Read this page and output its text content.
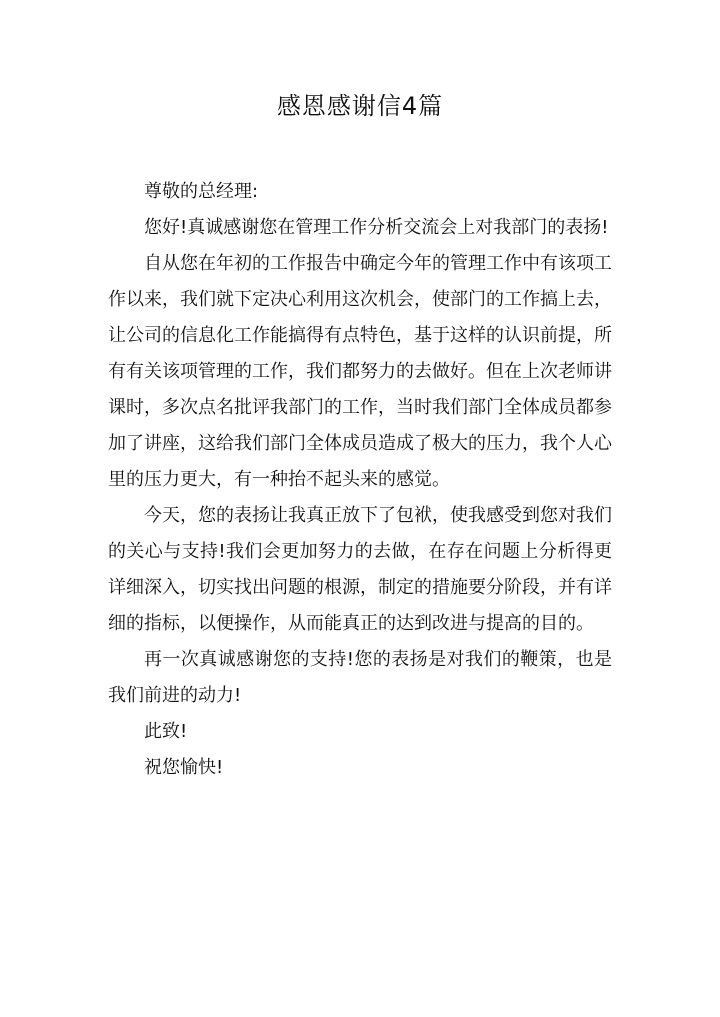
感恩感谢信4篇

尊敬的总经理:

您好!真诚感谢您在管理工作分析交流会上对我部门的表扬!

自从您在年初的工作报告中确定今年的管理工作中有该项工作以来，我们就下定决心利用这次机会，使部门的工作搞上去，让公司的信息化工作能搞得有点特色，基于这样的认识前提，所有有关该项管理的工作，我们都努力的去做好。但在上次老师讲课时，多次点名批评我部门的工作，当时我们部门全体成员都参加了讲座，这给我们部门全体成员造成了极大的压力，我个人心里的压力更大，有一种抬不起头来的感觉。

今天，您的表扬让我真正放下了包袱，使我感受到您对我们的关心与支持!我们会更加努力的去做，在存在问题上分析得更详细深入，切实找出问题的根源，制定的措施要分阶段，并有详细的指标，以便操作，从而能真正的达到改进与提高的目的。

再一次真诚感谢您的支持!您的表扬是对我们的鞭策，也是我们前进的动力!

此致!

祝您愉快!
